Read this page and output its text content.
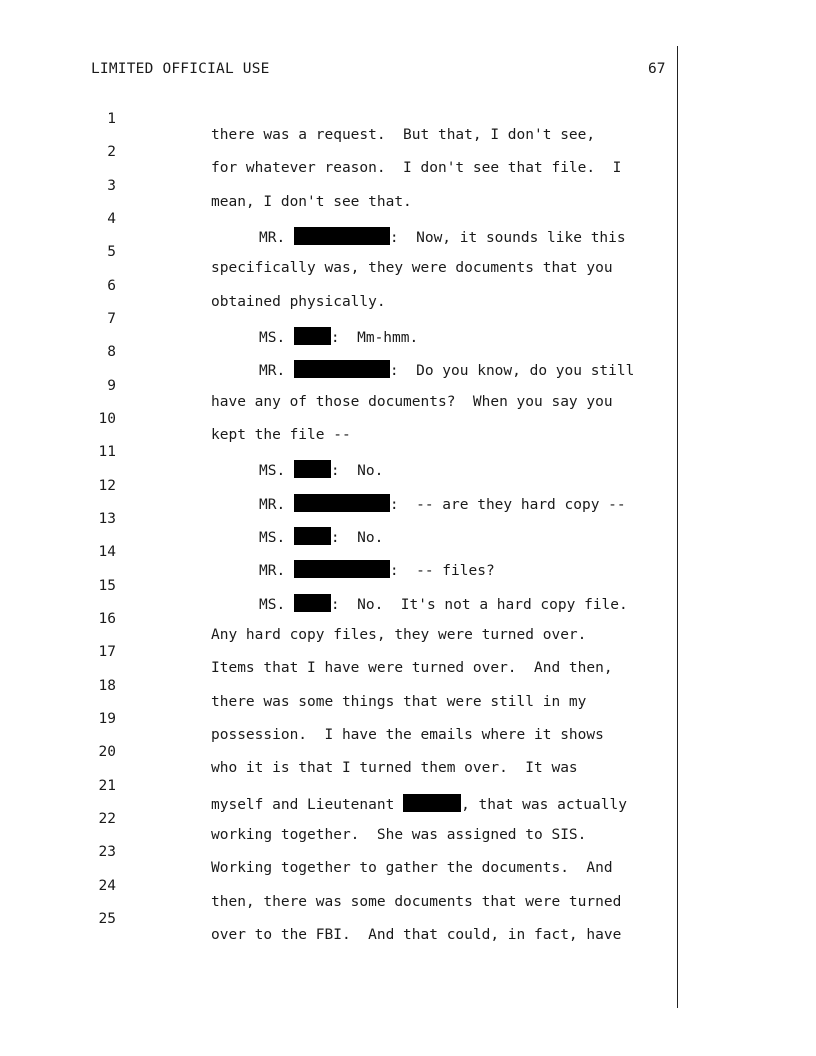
LIMITED OFFICIAL USE	67

1

there was a request.  But that, I don't see,

2

for whatever reason.  I don't see that file.  I

3

mean, I don't see that.

4

MR.	:  Now, it sounds like this

5

specifically was, they were documents that you

6

obtained physically.

7

MS.	:  Mm-hmm.

8

MR.	:  Do you know, do you still

9

have any of those documents?  When you say you

10

kept the file --

11

MS.	:  No.

12

MR.	:  -- are they hard copy --

13

MS.	:  No.

14

MR.	:  -- files?

15

MS.	:  No.  It's not a hard copy file.

16

Any hard copy files, they were turned over.

17

Items that I have were turned over.  And then,

18

there was some things that were still in my

19

possession.  I have the emails where it shows

20

who it is that I turned them over.  It was

21

myself and Lieutenant	, that was actually

22

working together.  She was assigned to SIS.

23

Working together to gather the documents.  And

24

then, there was some documents that were turned

25

over to the FBI.  And that could, in fact, have
